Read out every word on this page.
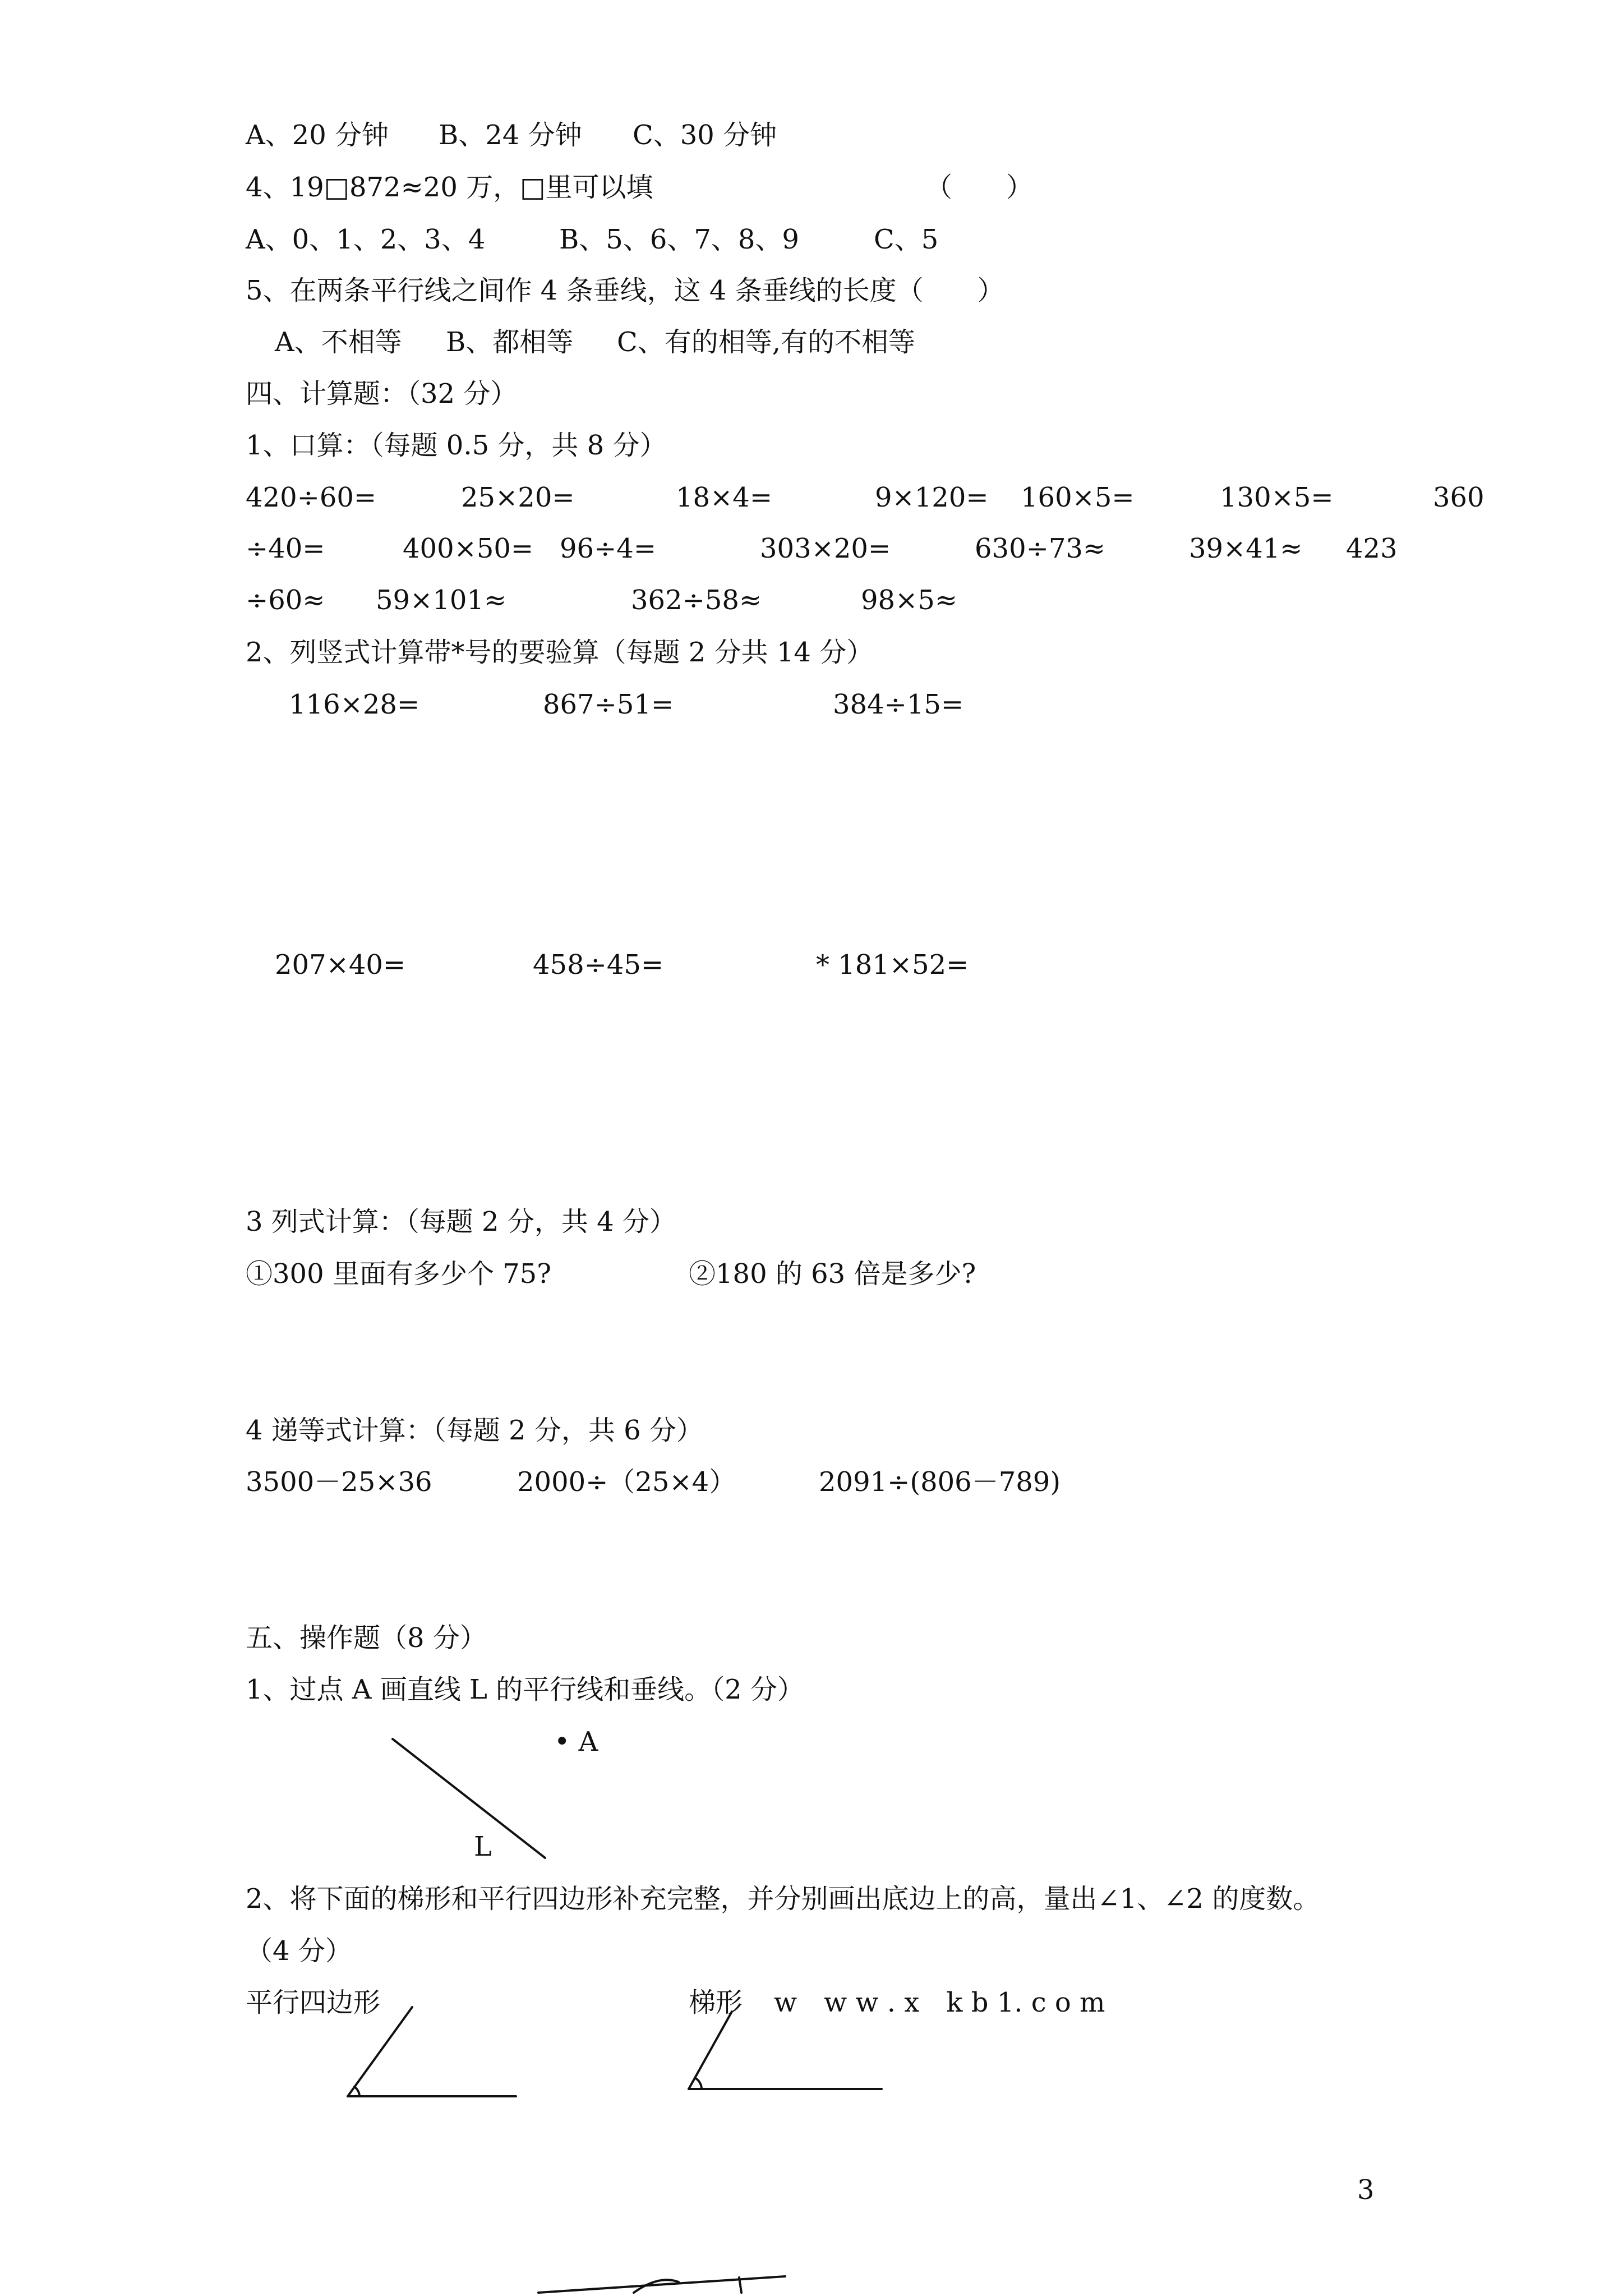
A、20 分钟 B、24 分钟 C、30 分钟
4、19□872≈20 万，□里可以填	（　　）
A、0、1、2、3、4	B、5、6、7、8、9	C、5
5、在两条平行线之间作 4 条垂线，这 4 条垂线的长度（　　）
A、不相等 B、都相等 C、有的相等,有的不相等
四、计算题：（32 分）
1、口算：（每题 0.5 分，共 8 分）
420÷60=	25×20=	18×4=	9×120= 160×5=	130×5=	360
÷40=	400×50= 96÷4=	303×20=	630÷73≈	39×41≈ 423
÷60≈ 59×101≈	362÷58≈	98×5≈
2、列竖式计算带*号的要验算（每题 2 分共 14 分）
116×28=	867÷51=	384÷15=
207×40=	458÷45=	* 181×52=
3 列式计算：（每题 2 分，共 4 分）
①300 里面有多少个 75?	②180 的 63 倍是多少?
4 递等式计算：（每题 2 分，共 6 分）
3500－25×36	2000÷（25×4）	2091÷(806－789)
五、操作题（8 分）
1、过点 A 画直线 L 的平行线和垂线。（2 分）
• A
L
2、将下面的梯形和平行四边形补充完整，并分别画出底边上的高，量出∠1、∠2 的度数。
（4 分）
平行四边形	梯形 w　w w . x　k b 1. c o m
3
